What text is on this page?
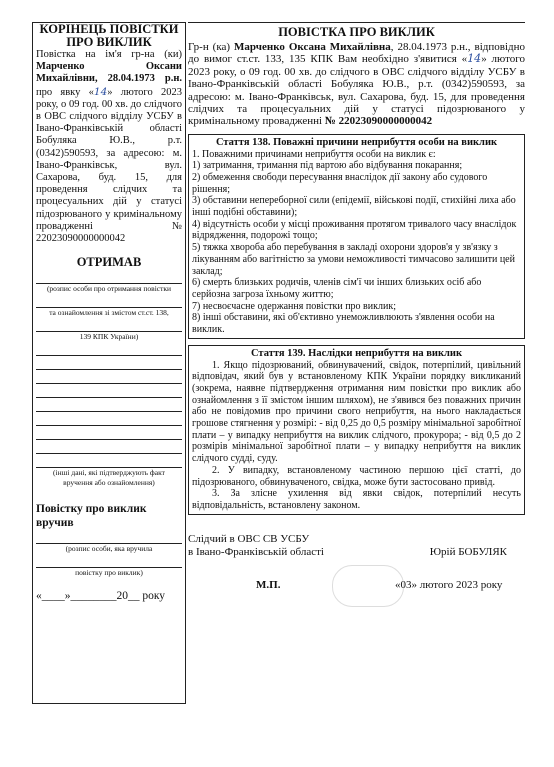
КОРІНЕЦЬ ПОВІСТКИ
ПРО ВИКЛИК
Повістка на ім'я гр-на (ки) Марченко Оксани Михайлівни, 28.04.1973 р.н. про явку «14» лютого 2023 року, о 09 год. 00 хв. до слідчого в ОВС слідчого відділу УСБУ в Івано-Франківській області Бобуляка Ю.В., р.т. (0342)590593, за адресою: м. Івано-Франківськ, вул. Сахарова, буд. 15, для проведення слідчих та процесуальних дій у статусі підозрюваного у кримінальному провадженні № 22023090000000042
ОТРИМАВ
(розпис особи про отримання повістки
та ознайомлення зі змістом ст.ст. 138,
139 КПК України)
(інші дані, які підтверджують факт
вручення або ознайомлення)
Повістку про виклик вручив
(розпис особи, яка вручила
повістку про виклик)
«____»________20__ року
ПОВІСТКА ПРО ВИКЛИК
Гр-н (ка) Марченко Оксана Михайлівна, 28.04.1973 р.н., відповідно до вимог ст.ст. 133, 135 КПК Вам необхідно з'явитися «14» лютого 2023 року, о 09 год. 00 хв. до слідчого в ОВС слідчого відділу УСБУ в Івано-Франківській області Бобуляка Ю.В., р.т. (0342)590593, за адресою: м. Івано-Франківськ, вул. Сахарова, буд. 15, для проведення слідчих та процесуальних дій у статусі підозрюваного у кримінальному провадженні № 22023090000000042
Стаття 138. Поважні причини неприбуття особи на виклик
1. Поважними причинами неприбуття особи на виклик є:
1) затримання, тримання під вартою або відбування покарання;
2) обмеження свободи пересування внаслідок дії закону або судового рішення;
3) обставини непереборної сили (епідемії, військові події, стихійні лиха або інші подібні обставини);
4) відсутність особи у місці проживання протягом тривалого часу внаслідок відрядження, подорожі тощо;
5) тяжка хвороба або перебування в закладі охорони здоров'я у зв'язку з лікуванням або вагітністю за умови неможливості тимчасово залишити цей заклад;
6) смерть близьких родичів, членів сім'ї чи інших близьких осіб або серйозна загроза їхньому життю;
7) несвоєчасне одержання повістки про виклик;
8) інші обставини, які об'єктивно унеможливлюють з'явлення особи на виклик.
Стаття 139. Наслідки неприбуття на виклик
1. Якщо підозрюваний, обвинувачений, свідок, потерпілий, цивільний відповідач, який був у встановленому КПК України порядку викликаний (зокрема, наявне підтвердження отримання ним повістки про виклик або ознайомлення з її змістом іншим шляхом), не з'явився без поважних причин або не повідомив про причини свого неприбуття, на нього накладається грошове стягнення у розмірі: - від 0,25 до 0,5 розміру мінімальної заробітної плати – у випадку неприбуття на виклик слідчого, прокурора; - від 0,5 до 2 розмірів мінімальної заробітної плати – у випадку неприбуття на виклик слідчого судді, суду.
2. У випадку, встановленому частиною першою цієї статті, до підозрюваного, обвинуваченого, свідка, може бути застосовано привід.
3. За злісне ухилення від явки свідок, потерпілий несуть відповідальність, встановлену законом.
Слідчий в ОВС СВ УСБУ
в Івано-Франківській області	Юрій БОБУЛЯК
М.П.	«03» лютого 2023 року
